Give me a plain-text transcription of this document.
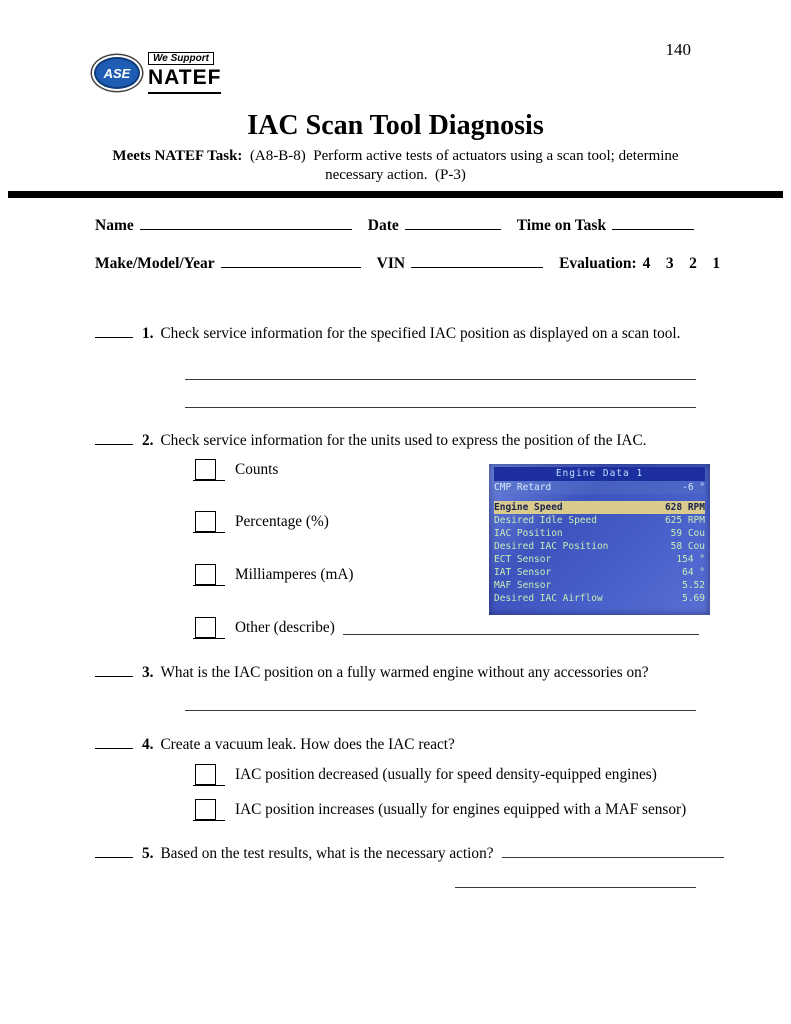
140
ASE
We Support
NATEF
IAC Scan Tool Diagnosis
Meets NATEF Task:  (A8-B-8)  Perform active tests of actuators using a scan tool; determine
necessary action.  (P-3)
Name	Date	Time on Task
Make/Model/Year	VIN	Evaluation: 4    3    2    1
1. Check service information for the specified IAC position as displayed on a scan tool.
2. Check service information for the units used to express the position of the IAC.
Counts
Percentage (%)
Milliamperes (mA)
Other (describe)
Engine Data 1
CMP Retard	-6 °
Engine Speed	628 RPM
Desired Idle Speed	625 RPM
IAC Position	59 Cou
Desired IAC Position	58 Cou
ECT Sensor	154 °
IAT Sensor	64 °
MAF Sensor	5.52
Desired IAC Airflow	5.69
3. What is the IAC position on a fully warmed engine without any accessories on?
4. Create a vacuum leak. How does the IAC react?
IAC position decreased (usually for speed density-equipped engines)
IAC position increases (usually for engines equipped with a MAF sensor)
5. Based on the test results, what is the necessary action?
